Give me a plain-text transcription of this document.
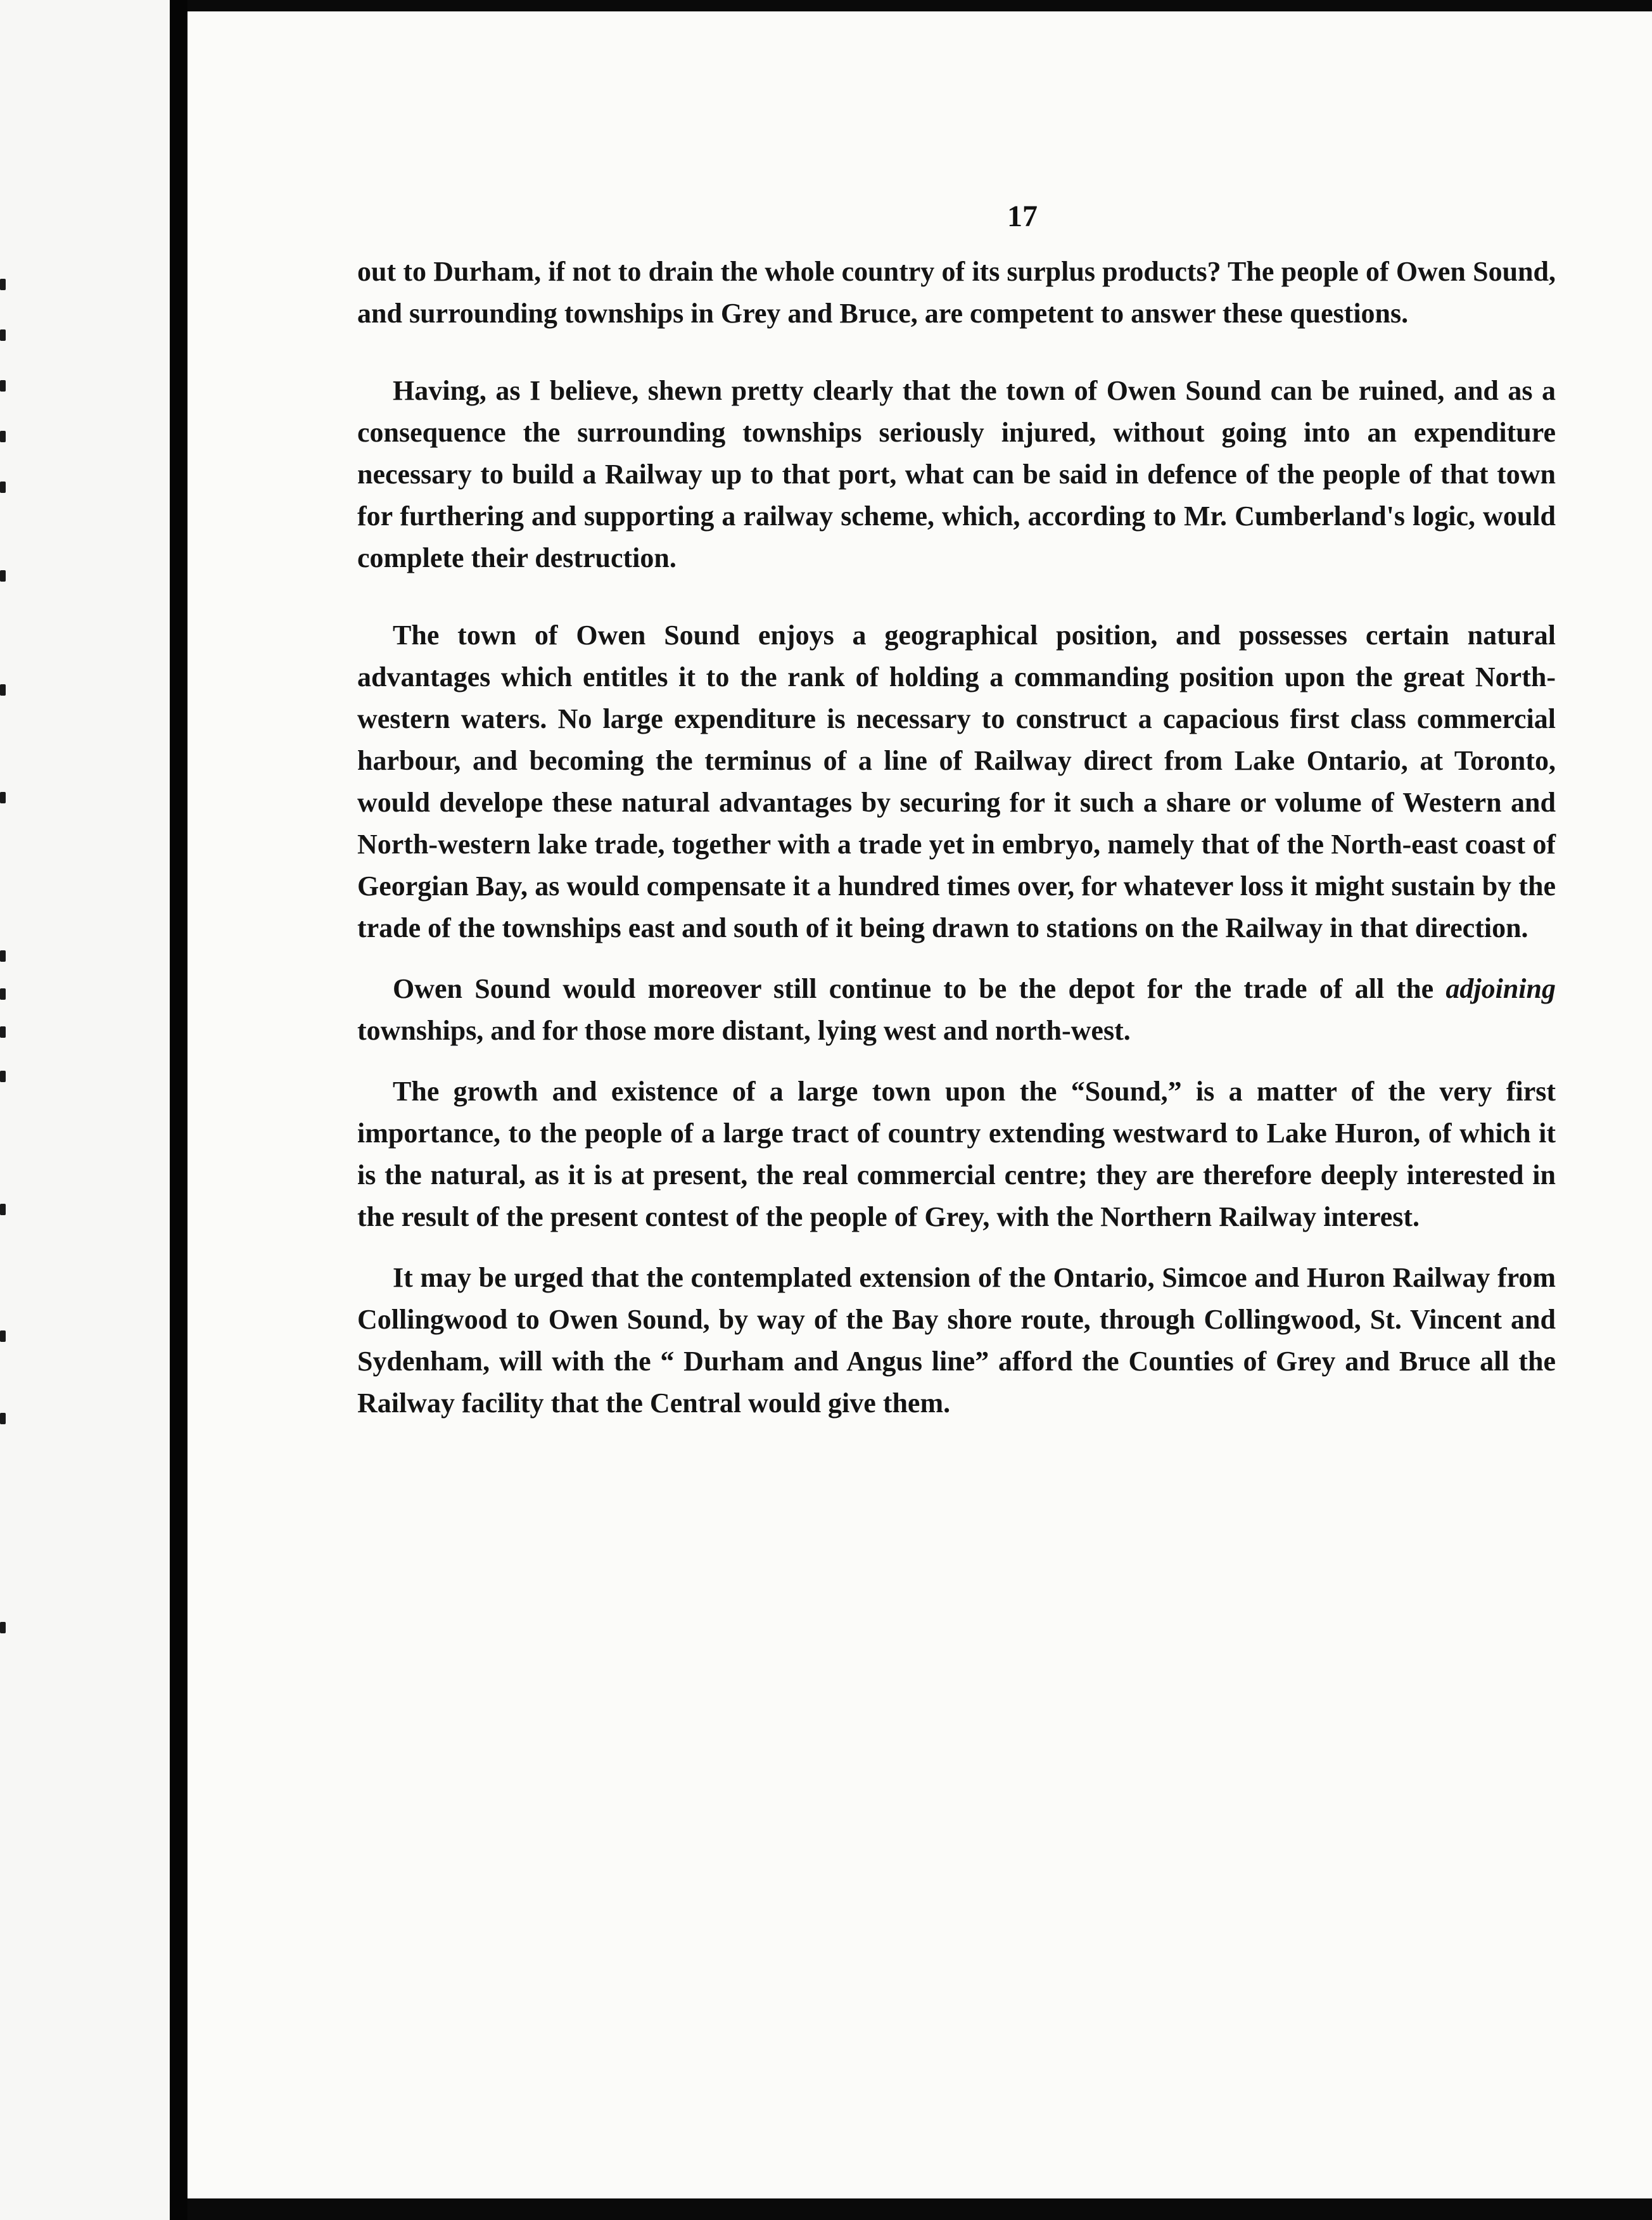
17

out to Durham, if not to drain the whole country of its surplus products? The people of Owen Sound, and surrounding townships in Grey and Bruce, are competent to answer these questions.

Having, as I believe, shewn pretty clearly that the town of Owen Sound can be ruined, and as a consequence the surrounding townships seriously injured, without going into an expenditure necessary to build a Railway up to that port, what can be said in defence of the people of that town for furthering and supporting a railway scheme, which, according to Mr. Cumberland's logic, would complete their destruction.

The town of Owen Sound enjoys a geographical position, and possesses certain natural advantages which entitles it to the rank of holding a commanding position upon the great North-western waters. No large expenditure is necessary to construct a capacious first class commercial harbour, and becoming the terminus of a line of Railway direct from Lake Ontario, at Toronto, would develope these natural advantages by securing for it such a share or volume of Western and North-western lake trade, together with a trade yet in embryo, namely that of the North-east coast of Georgian Bay, as would compensate it a hundred times over, for whatever loss it might sustain by the trade of the townships east and south of it being drawn to stations on the Railway in that direction.

Owen Sound would moreover still continue to be the depot for the trade of all the adjoining townships, and for those more distant, lying west and north-west.

The growth and existence of a large town upon the “Sound,” is a matter of the very first importance, to the people of a large tract of country extending westward to Lake Huron, of which it is the natural, as it is at present, the real commercial centre; they are therefore deeply interested in the result of the present contest of the people of Grey, with the Northern Railway interest.

It may be urged that the contemplated extension of the Ontario, Simcoe and Huron Railway from Collingwood to Owen Sound, by way of the Bay shore route, through Collingwood, St. Vincent and Sydenham, will with the “ Durham and Angus line” afford the Counties of Grey and Bruce all the Railway facility that the Central would give them.
